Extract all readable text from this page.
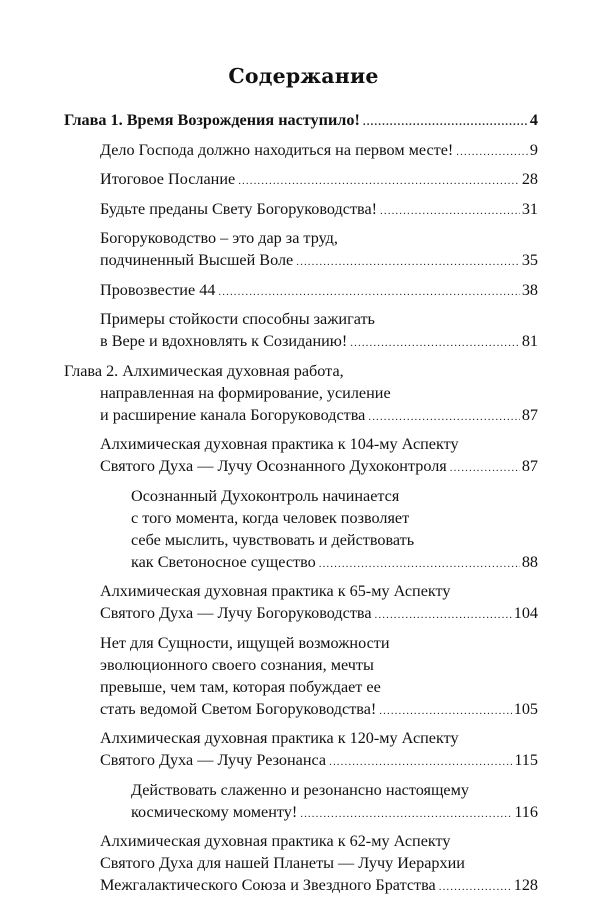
Содержание
Глава 1. Время Возрождения наступило! .....	4
Дело Господа должно находиться на первом месте! .....	9
Итоговое Послание .....	28
Будьте преданы Свету Богоруководства! .....	31
Богоруководство – это дар за труд,
подчиненный Высшей Воле .....	35
Провозвестие 44 .....	38
Примеры стойкости способны зажигать
в Вере и вдохновлять к Созиданию! .....	81
Глава 2. Алхимическая духовная работа,
направленная на формирование, усиление
и расширение канала Богоруководства .....	87
Алхимическая духовная практика к 104-му Аспекту
Святого Духа — Лучу Осознанного Духоконтроля .....	87
Осознанный Духоконтроль начинается
с того момента, когда человек позволяет
себе мыслить, чувствовать и действовать
как Светоносное существо .....	88
Алхимическая духовная практика к 65-му Аспекту
Святого Духа — Лучу Богоруководства .....	104
Нет для Сущности, ищущей возможности
эволюционного своего сознания, мечты
превыше, чем там, которая побуждает ее
стать ведомой Светом Богоруководства! .....	105
Алхимическая духовная практика к 120-му Аспекту
Святого Духа — Лучу Резонанса .....	115
Действовать слаженно и резонансно настоящему
космическому моменту! .....	116
Алхимическая духовная практика к 62-му Аспекту
Святого Духа для нашей Планеты — Лучу Иерархии
Межгалактического Союза и Звездного Братства .....	128
